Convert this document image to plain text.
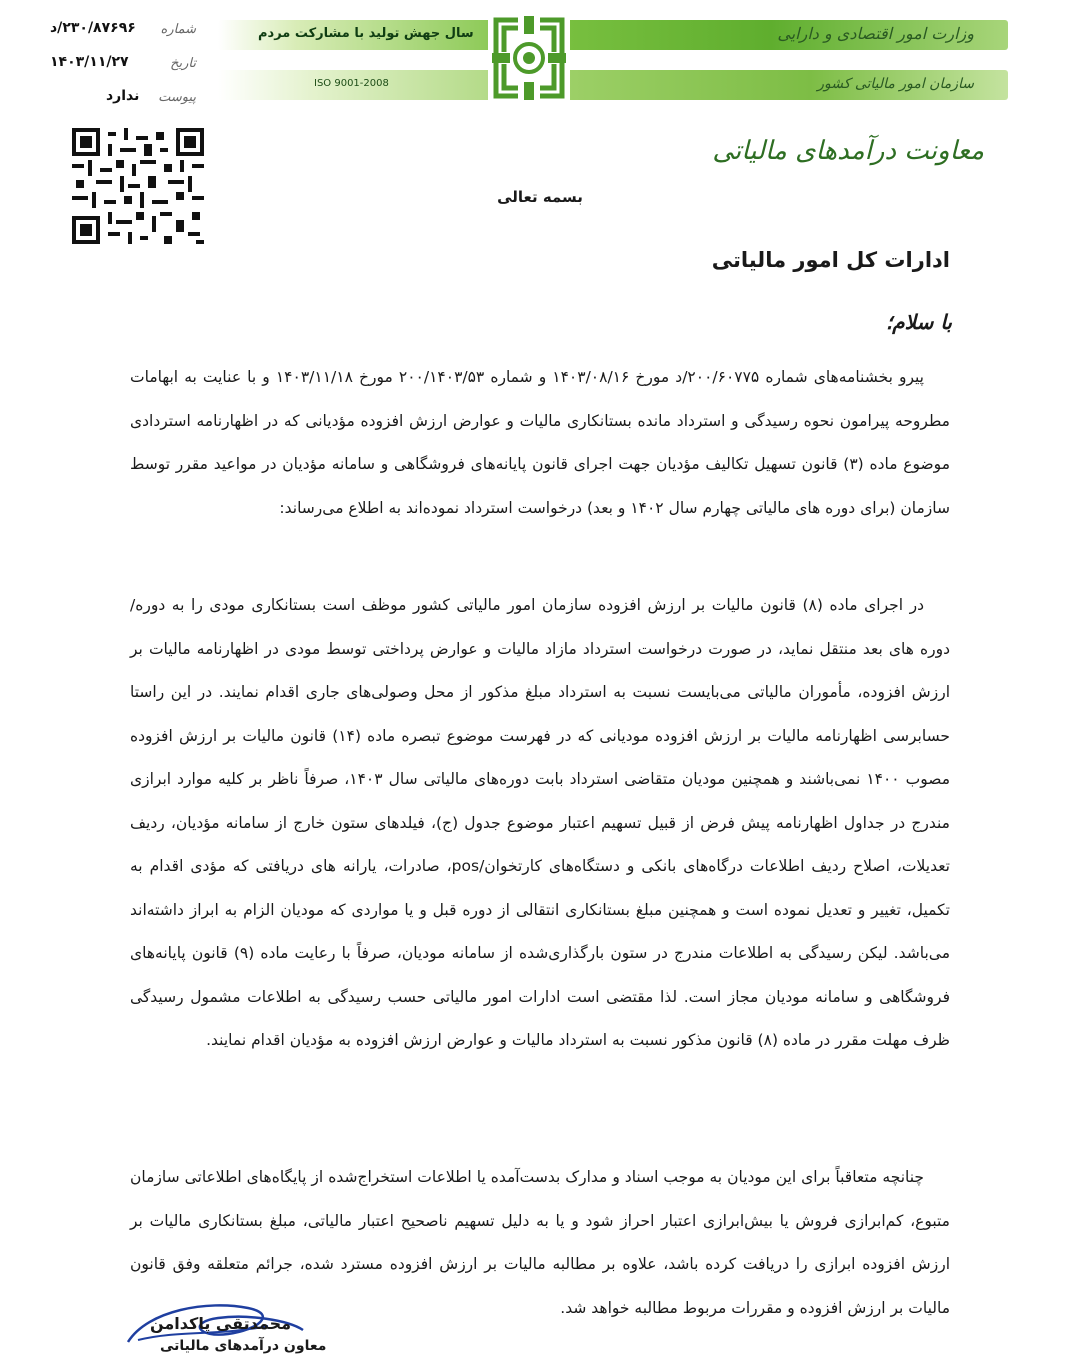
سال جهش تولید با مشارکت مردم
ISO 9001-2008
وزارت امور اقتصادی و دارایی
سازمان امور مالیاتی کشور
معاونت درآمدهای مالیاتی
شماره
۲۳۰/۸۷۶۹۶/د
تاریخ
۱۴۰۳/۱۱/۲۷
پیوست
ندارد
بسمه تعالی
ادارات کل امور مالیاتی
با سلام؛

پیرو بخشنامه‌های شماره ۲۰۰/۶۰۷۷۵/د مورخ ۱۴۰۳/۰۸/۱۶ و شماره ۲۰۰/۱۴۰۳/۵۳ مورخ ۱۴۰۳/۱۱/۱۸ و با عنایت به ابهامات مطروحه پیرامون نحوه رسیدگی و استرداد مانده بستانکاری مالیات و عوارض ارزش افزوده مؤدیانی که در اظهارنامه استردادی موضوع ماده (۳) قانون تسهیل تکالیف مؤدیان جهت اجرای قانون پایانه‌های فروشگاهی و سامانه مؤدیان در مواعید مقرر توسط سازمان (برای دوره های مالیاتی چهارم سال ۱۴۰۲ و بعد) درخواست استرداد نموده‌اند به اطلاع می‌رساند:

در اجرای ماده (۸) قانون مالیات بر ارزش افزوده سازمان امور مالیاتی کشور موظف است بستانکاری مودی را به دوره/ دوره های بعد منتقل نماید، در صورت درخواست استرداد مازاد مالیات و عوارض پرداختی توسط مودی در اظهارنامه مالیات بر ارزش افزوده، مأموران مالیاتی می‌بایست نسبت به استرداد مبلغ مذکور از محل وصولی‌های جاری اقدام نمایند. در این راستا حسابرسی اظهارنامه مالیات بر ارزش افزوده مودیانی که در فهرست موضوع تبصره ماده (۱۴) قانون مالیات بر ارزش افزوده مصوب ۱۴۰۰ نمی‌باشند و همچنین مودیان متقاضی استرداد بابت دوره‌های مالیاتی سال ۱۴۰۳، صرفاً ناظر بر کلیه موارد ابرازی مندرج در جداول اظهارنامه پیش فرض از قبیل تسهیم اعتبار موضوع جدول (ج)، فیلدهای ستون خارج از سامانه مؤدیان، ردیف تعدیلات، اصلاح ردیف اطلاعات درگاه‌های بانکی و دستگاه‌های کارتخوان/pos، صادرات، یارانه های دریافتی که مؤدی اقدام به تکمیل، تغییر و تعدیل نموده است و همچنین مبلغ بستانکاری انتقالی از دوره قبل و یا مواردی که مودیان الزام به ابراز داشته‌اند می‌باشد. لیکن رسیدگی به اطلاعات مندرج در ستون بارگذاری‌شده از سامانه مودیان، صرفاً با رعایت ماده (۹) قانون پایانه‌های فروشگاهی و سامانه مودیان مجاز است. لذا مقتضی است ادارات امور مالیاتی حسب رسیدگی به اطلاعات مشمول رسیدگی ظرف مهلت مقرر در ماده (۸) قانون مذکور نسبت به استرداد مالیات و عوارض ارزش افزوده به مؤدیان اقدام نمایند.

چنانچه متعاقباً برای این مودیان به موجب اسناد و مدارک بدست‌آمده یا اطلاعات استخراج‌شده از پایگاه‌های اطلاعاتی سازمان متبوع، کم‌ابرازی فروش یا بیش‌ابرازی اعتبار احراز شود و یا به دلیل تسهیم ناصحیح اعتبار مالیاتی، مبلغ بستانکاری مالیات بر ارزش افزوده ابرازی را دریافت کرده باشد، علاوه بر مطالبه مالیات بر ارزش افزوده مسترد شده، جرائم متعلقه وفق قانون مالیات بر ارزش افزوده و مقررات مربوط مطالبه خواهد شد.

محمدتقی پاکدامن
معاون درآمدهای مالیاتی
